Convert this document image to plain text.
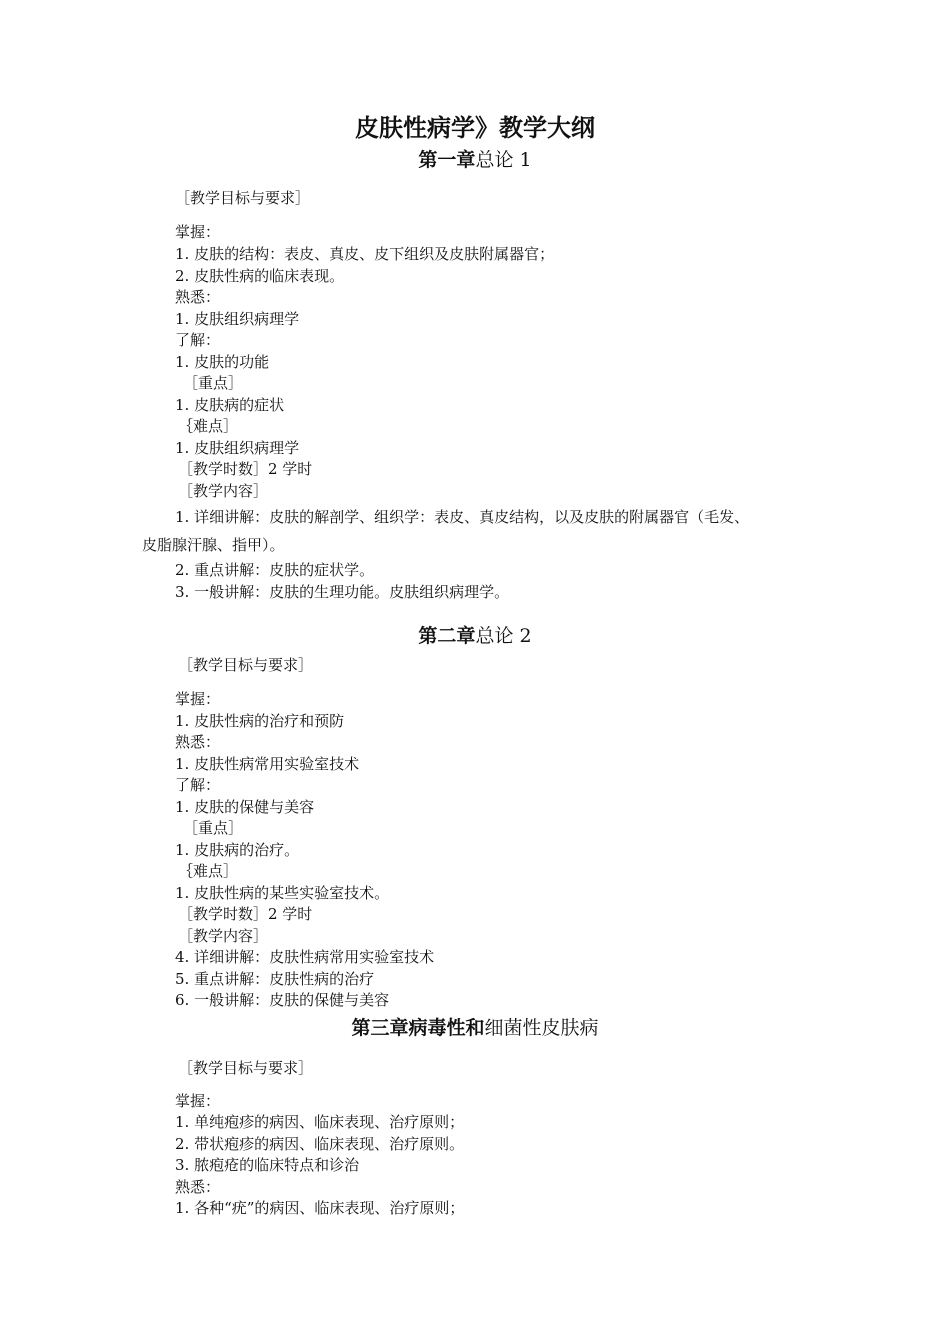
皮肤性病学》教学大纲
第一章总论 1
［教学目标与要求］
掌握：
1. 皮肤的结构：表皮、真皮、皮下组织及皮肤附属器官；
2. 皮肤性病的临床表现。
熟悉：
1. 皮肤组织病理学
了解：
1. 皮肤的功能
［重点］
1. 皮肤病的症状
｛难点］
1. 皮肤组织病理学
［教学时数］2 学时
［教学内容］
1. 详细讲解：皮肤的解剖学、组织学：表皮、真皮结构，以及皮肤的附属器官（毛发、
皮脂腺汗腺、指甲）。
2. 重点讲解：皮肤的症状学。
3. 一般讲解：皮肤的生理功能。皮肤组织病理学。
第二章总论 2
［教学目标与要求］
掌握：
1. 皮肤性病的治疗和预防
熟悉：
1. 皮肤性病常用实验室技术
了解：
1. 皮肤的保健与美容
［重点］
1. 皮肤病的治疗。
｛难点］
1. 皮肤性病的某些实验室技术。
［教学时数］2 学时
［教学内容］
4. 详细讲解：皮肤性病常用实验室技术
5. 重点讲解：皮肤性病的治疗
6. 一般讲解：皮肤的保健与美容
第三章病毒性和细菌性皮肤病
［教学目标与要求］
掌握：
1. 单纯疱疹的病因、临床表现、治疗原则；
2. 带状疱疹的病因、临床表现、治疗原则。
3. 脓疱疮的临床特点和诊治
熟悉：
1. 各种“疣”的病因、临床表现、治疗原则；
